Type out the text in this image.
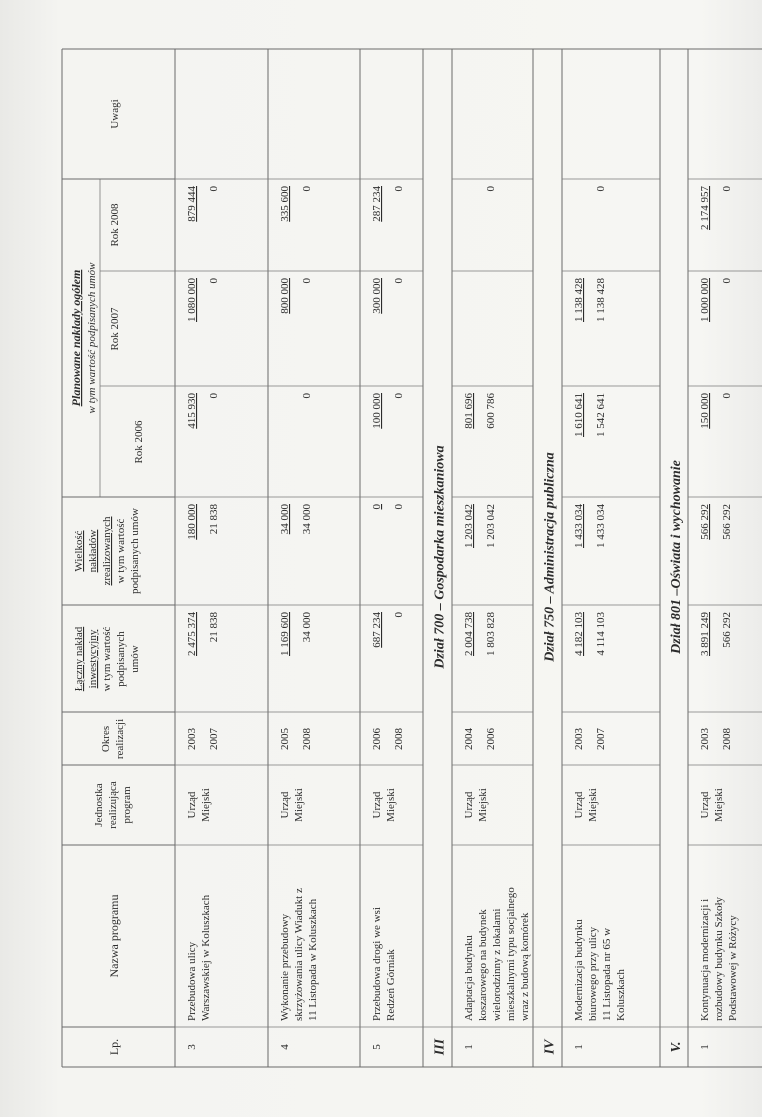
Lp.
Nazwa programu
Jednostka realizująca program
Okres realizacji
Łączny nakład inwestycyjny w tym wartość podpisanych umów
Wielkość nakładów zrealizowanych w tym wartość podpisanych umów
Planowane nakłady ogółem w tym wartość podpisanych umów
Rok 2006
Rok 2007
Rok 2008
Uwagi
3
Przebudowa ulicy Warszawskiej w Koluszkach
Urząd Miejski
2003 2007
2 475 374 21 838
180 000 21 838
415 930 0
1 080 000 0
879 444 0
4
Wykonanie przebudowy skrzyżowania ulicy Wiadukt z 11 Listopada w Koluszkach
Urząd Miejski
2005 2008
1 169 600 34 000
34 000 34 000
0
800 000 0
335 600 0
5
Przebudowa drogi we wsi Redzeń Górniak
Urząd Miejski
2006 2008
687 234 0
0 0
100 000 0
300 000 0
287 234 0
1
Adaptacja budynku koszarowego na budynek wielorodzinny z lokalami mieszkalnymi typu socjalnego wraz z budową komórek
Urząd Miejski
2004 2006
2 004 738 1 803 828
1 203 042 1 203 042
801 696 600 786
0
1
Modernizacja budynku biurowego przy ulicy 11 Listopada nr 65 w Koluszkach
Urząd Miejski
2003 2007
4 182 103 4 114 103
1 433 034 1 433 034
1 610 641 1 542 641
1 138 428 1 138 428
0
1
Kontynuacja modernizacji i rozbudowy budynku Szkoły Podstawowej w Różycy
Urząd Miejski
2003 2008
3 891 249 566 292
566 292 566 292
150 000 0
1 000 000 0
2 174 957 0
III
Dział 700 – Gospodarka mieszkaniowa
IV
Dział 750 – Administracja publiczna
V.
Dział 801 –Oświata i wychowanie
